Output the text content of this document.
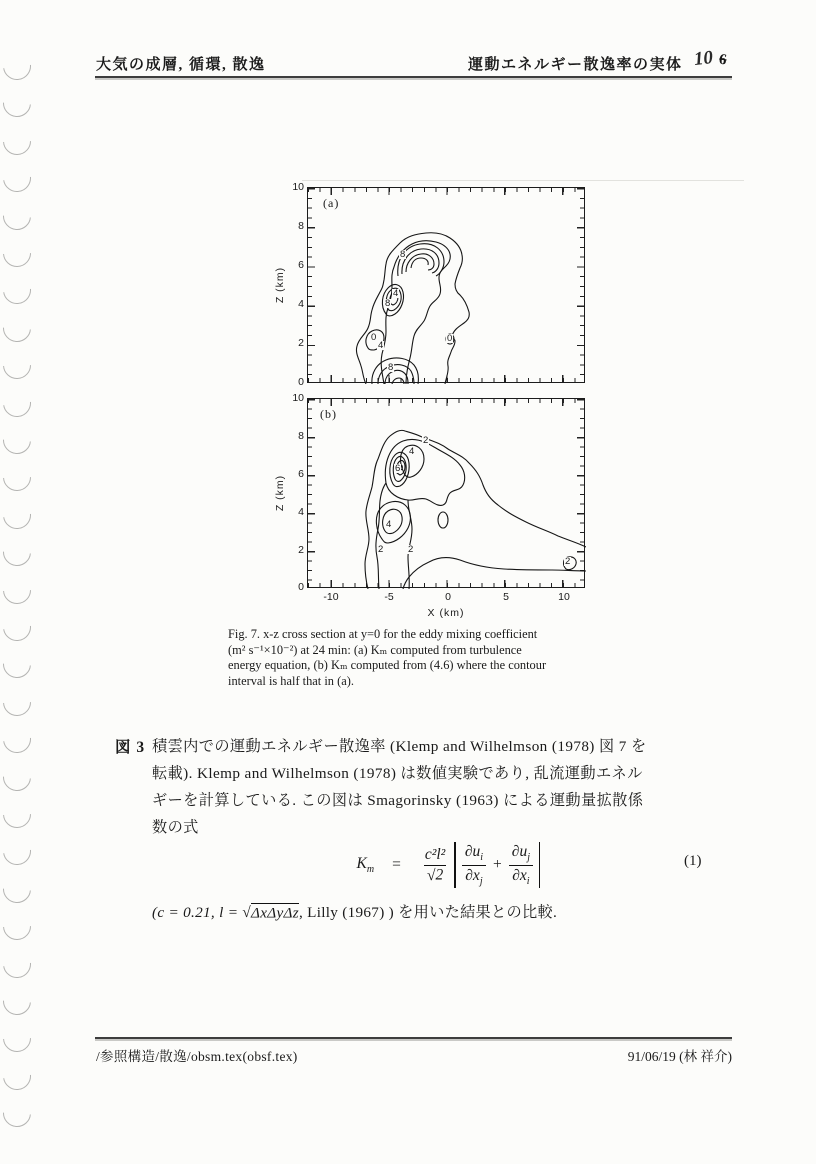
大気の成層, 循環, 散逸	運動エネルギー散逸率の実体 10 6
(a)
8
4
8
0
4
8
0
10
8
6
4
2
0
Z (km)
(b)
2
4
6
4
2	2
2
10
8
6
4
2
0
Z (km)
-10	-5	0	5	10
X (km)
Fig. 7. x-z cross section at y=0 for the eddy mixing coefficient
(m² s⁻¹×10⁻²) at 24 min: (a) Kₘ computed from turbulence
energy equation, (b) Kₘ computed from (4.6) where the contour
interval is half that in (a).
図 3 積雲内での運動エネルギー散逸率 (Klemp and Wilhelmson (1978) 図 7 を
転載). Klemp and Wilhelmson (1978) は数値実験であり, 乱流運動エネル
ギーを計算している. この図は Smagorinsky (1963) による運動量拡散係
数の式
$K_m = \frac{\text{c²l²}}{√2} \frac{\partial u_i}{\partial x_j} + \frac{\partial u_j}{\partial x_i}$	(1)
(c = 0.21, l = √ΔxΔyΔz, Lilly (1967) ) を用いた結果との比較.
/参照構造/散逸/obsm.tex(obsf.tex)	91/06/19 (林 祥介)
